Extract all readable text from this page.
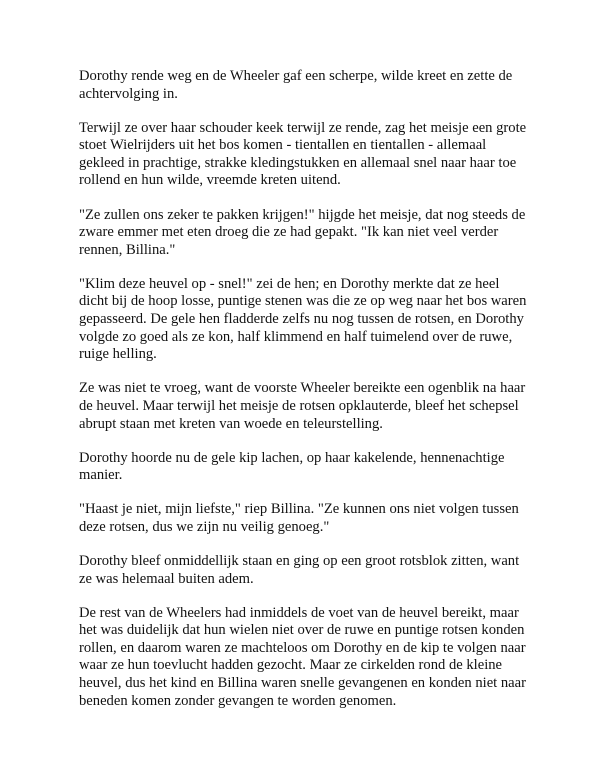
Dorothy rende weg en de Wheeler gaf een scherpe, wilde kreet en zette de achtervolging in.

Terwijl ze over haar schouder keek terwijl ze rende, zag het meisje een grote stoet Wielrijders uit het bos komen - tientallen en tientallen - allemaal gekleed in prachtige, strakke kledingstukken en allemaal snel naar haar toe rollend en hun wilde, vreemde kreten uitend.

"Ze zullen ons zeker te pakken krijgen!" hijgde het meisje, dat nog steeds de zware emmer met eten droeg die ze had gepakt. "Ik kan niet veel verder rennen, Billina."

"Klim deze heuvel op - snel!" zei de hen; en Dorothy merkte dat ze heel dicht bij de hoop losse, puntige stenen was die ze op weg naar het bos waren gepasseerd. De gele hen fladderde zelfs nu nog tussen de rotsen, en Dorothy volgde zo goed als ze kon, half klimmend en half tuimelend over de ruwe, ruige helling.

Ze was niet te vroeg, want de voorste Wheeler bereikte een ogenblik na haar de heuvel. Maar terwijl het meisje de rotsen opklauterde, bleef het schepsel abrupt staan met kreten van woede en teleurstelling.

Dorothy hoorde nu de gele kip lachen, op haar kakelende, hennenachtige manier.

"Haast je niet, mijn liefste," riep Billina. "Ze kunnen ons niet volgen tussen deze rotsen, dus we zijn nu veilig genoeg."

Dorothy bleef onmiddellijk staan en ging op een groot rotsblok zitten, want ze was helemaal buiten adem.

De rest van de Wheelers had inmiddels de voet van de heuvel bereikt, maar het was duidelijk dat hun wielen niet over de ruwe en puntige rotsen konden rollen, en daarom waren ze machteloos om Dorothy en de kip te volgen naar waar ze hun toevlucht hadden gezocht. Maar ze cirkelden rond de kleine heuvel, dus het kind en Billina waren snelle gevangenen en konden niet naar beneden komen zonder gevangen te worden genomen.
